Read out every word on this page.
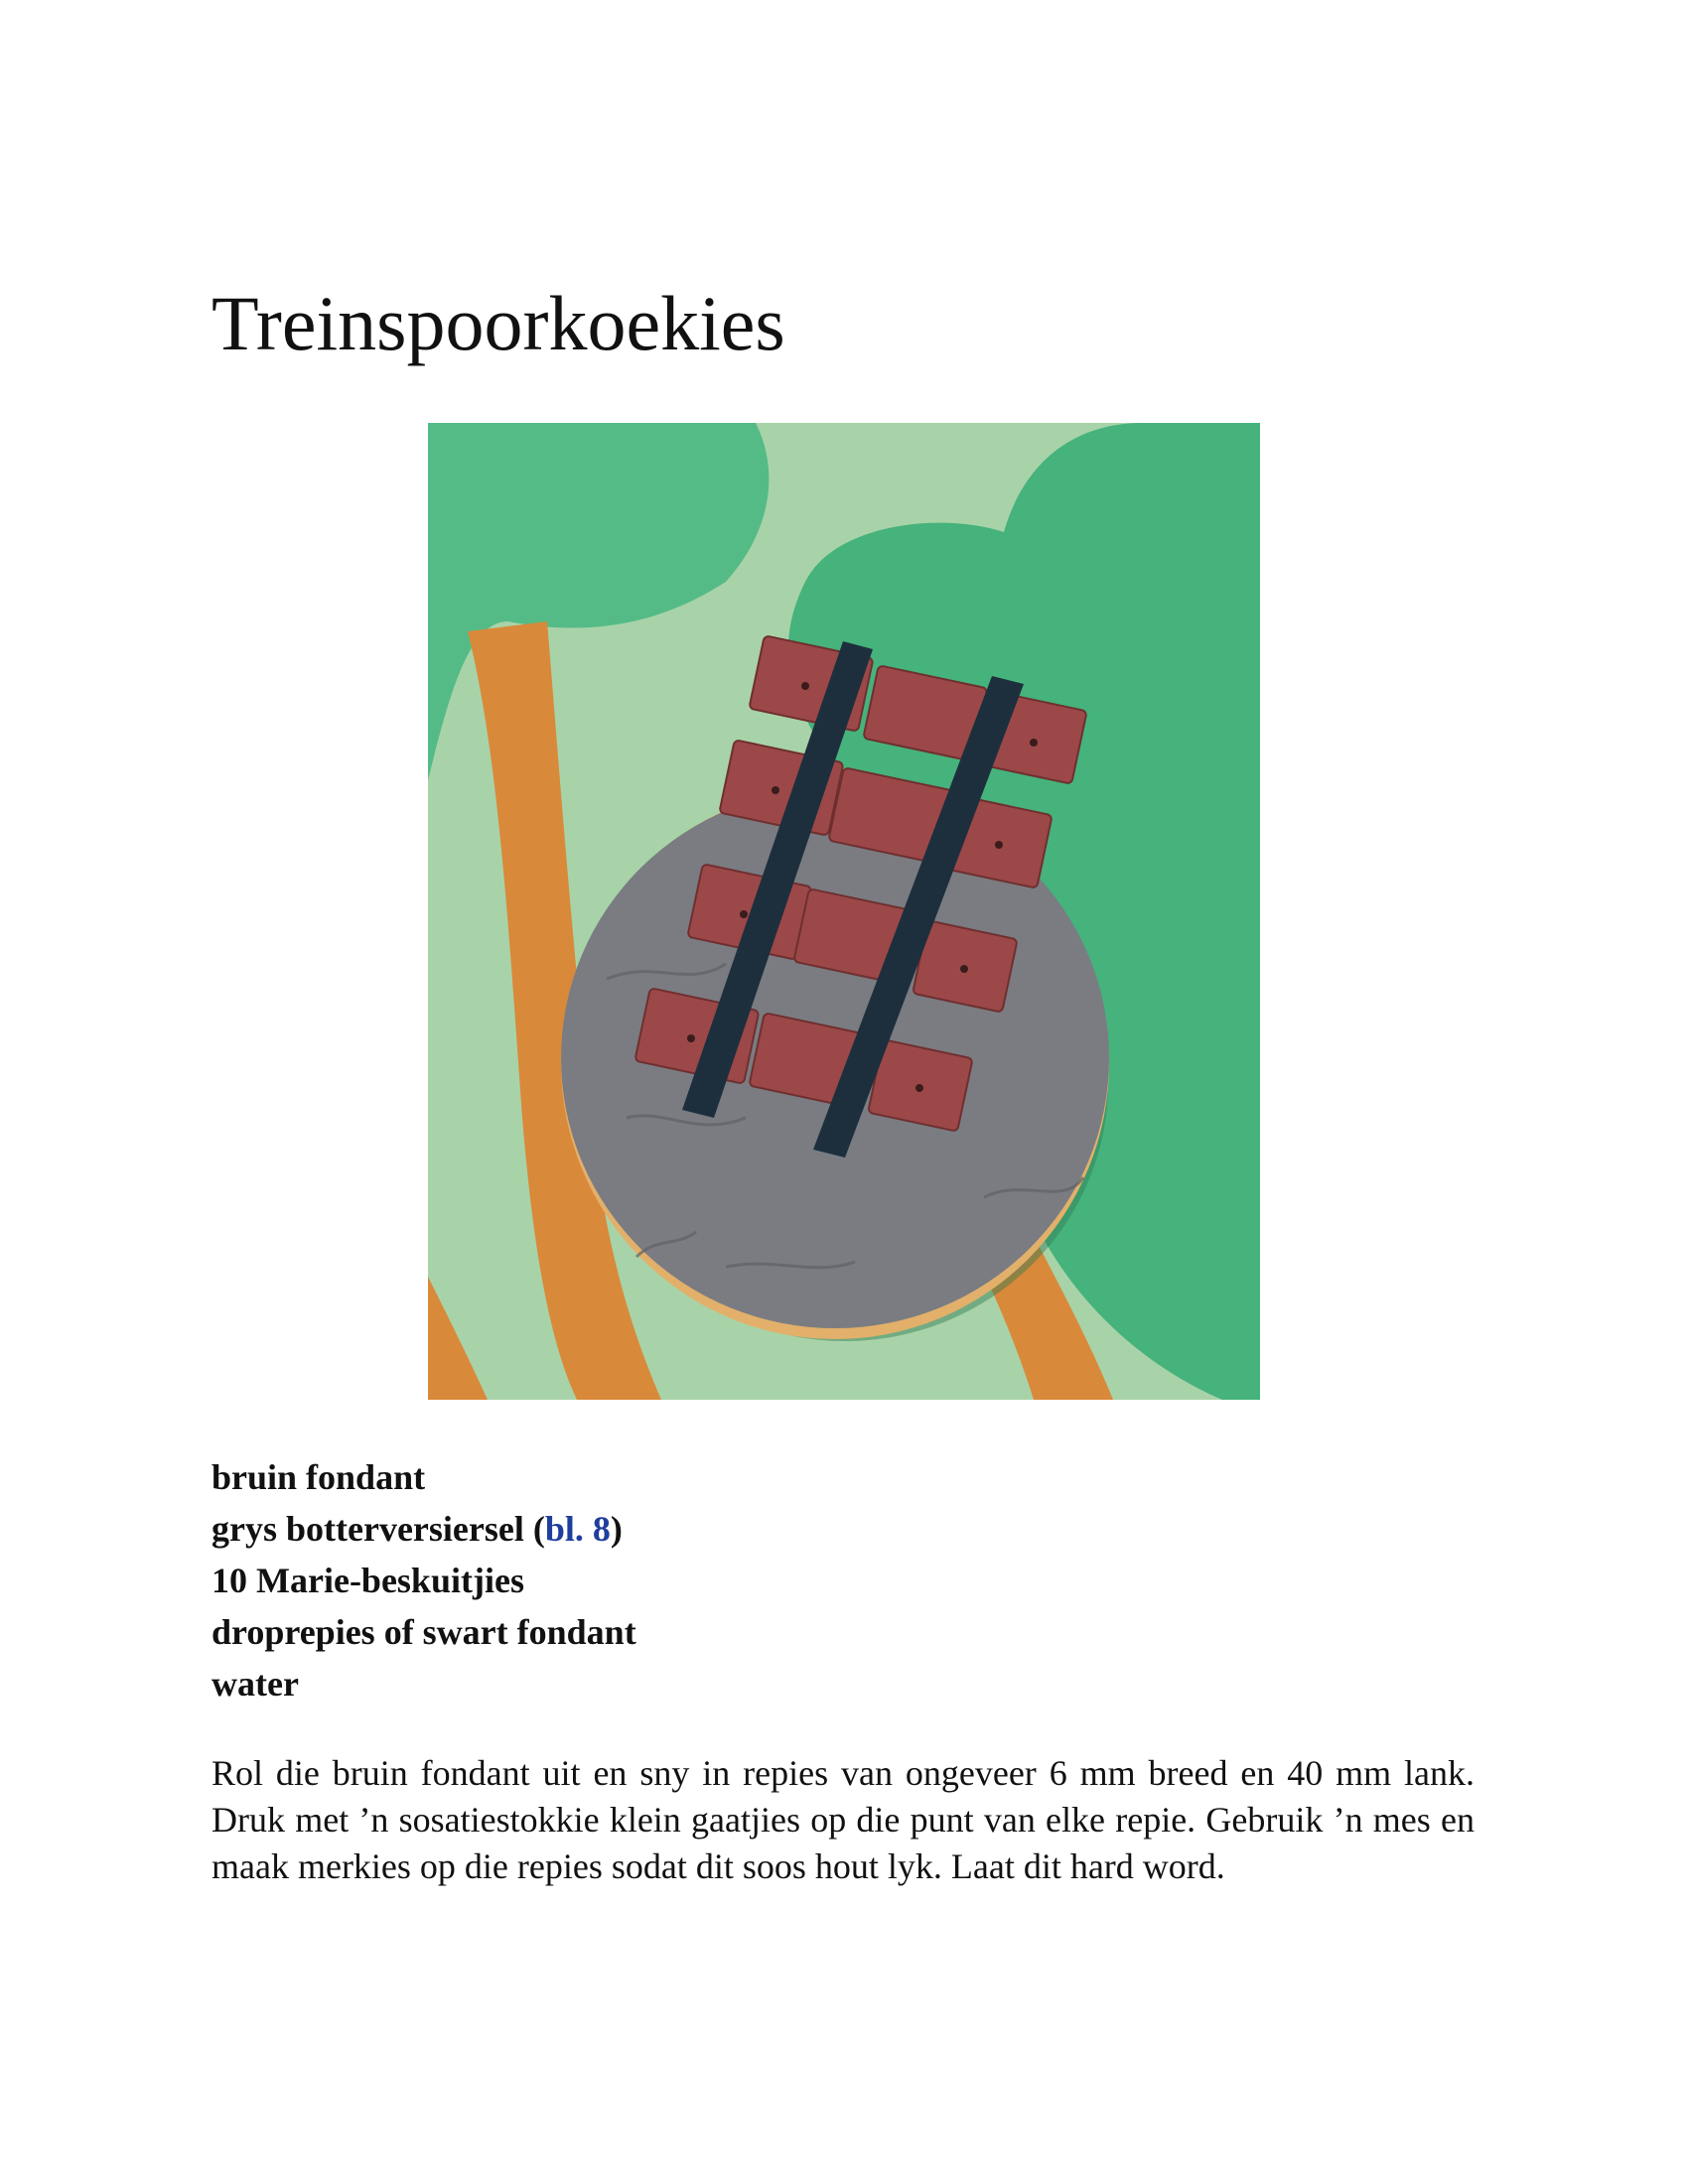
Treinspoorkoekies
bruin fondant
grys botterversiersel (bl. 8)
10 Marie-beskuitjies
droprepies of swart fondant
water

Rol die bruin fondant uit en sny in repies van ongeveer 6 mm breed en 40 mm lank. Druk met ’n sosatiestokkie klein gaatjies op die punt van elke repie. Gebruik ’n mes en maak merkies op die repies sodat dit soos hout lyk. Laat dit hard word.
